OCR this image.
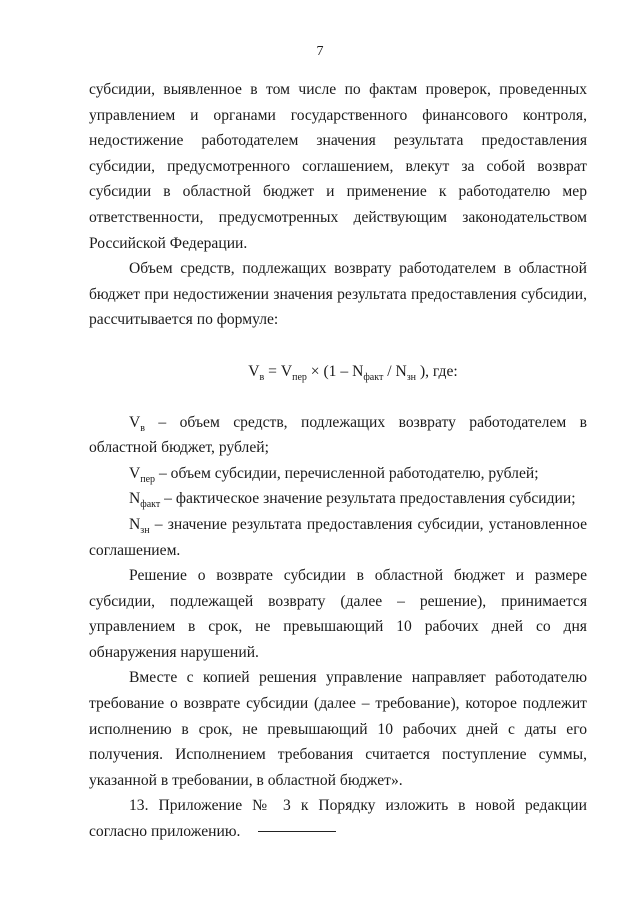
7

субсидии, выявленное в том числе по фактам проверок, проведенных управлением и органами государственного финансового контроля, недостижение работодателем значения результата предоставления субсидии, предусмотренного соглашением, влекут за собой возврат субсидии в областной бюджет и применение к работодателю мер ответственности, предусмотренных действующим законодательством Российской Федерации.

Объем средств, подлежащих возврату работодателем в областной бюджет при недостижении значения результата предоставления субсидии, рассчитывается по формуле:

$V_в = V_{пер} \times (1 - N_{факт} / N_{зн}$ ), где:

$V_в$ – объем средств, подлежащих возврату работодателем в областной бюджет, рублей;

$V_{пер}$ – объем субсидии, перечисленной работодателю, рублей;

$N_{факт}$ – фактическое значение результата предоставления субсидии;

$N_{зн}$ – значение результата предоставления субсидии, установленное соглашением.

Решение о возврате субсидии в областной бюджет и размере субсидии, подлежащей возврату (далее – решение), принимается управлением в срок, не превышающий 10 рабочих дней со дня обнаружения нарушений.

Вместе с копией решения управление направляет работодателю требование о возврате субсидии (далее – требование), которое подлежит исполнению в срок, не превышающий 10 рабочих дней с даты его получения. Исполнением требования считается поступление суммы, указанной в требовании, в областной бюджет».

13. Приложение № 3 к Порядку изложить в новой редакции согласно приложению.
